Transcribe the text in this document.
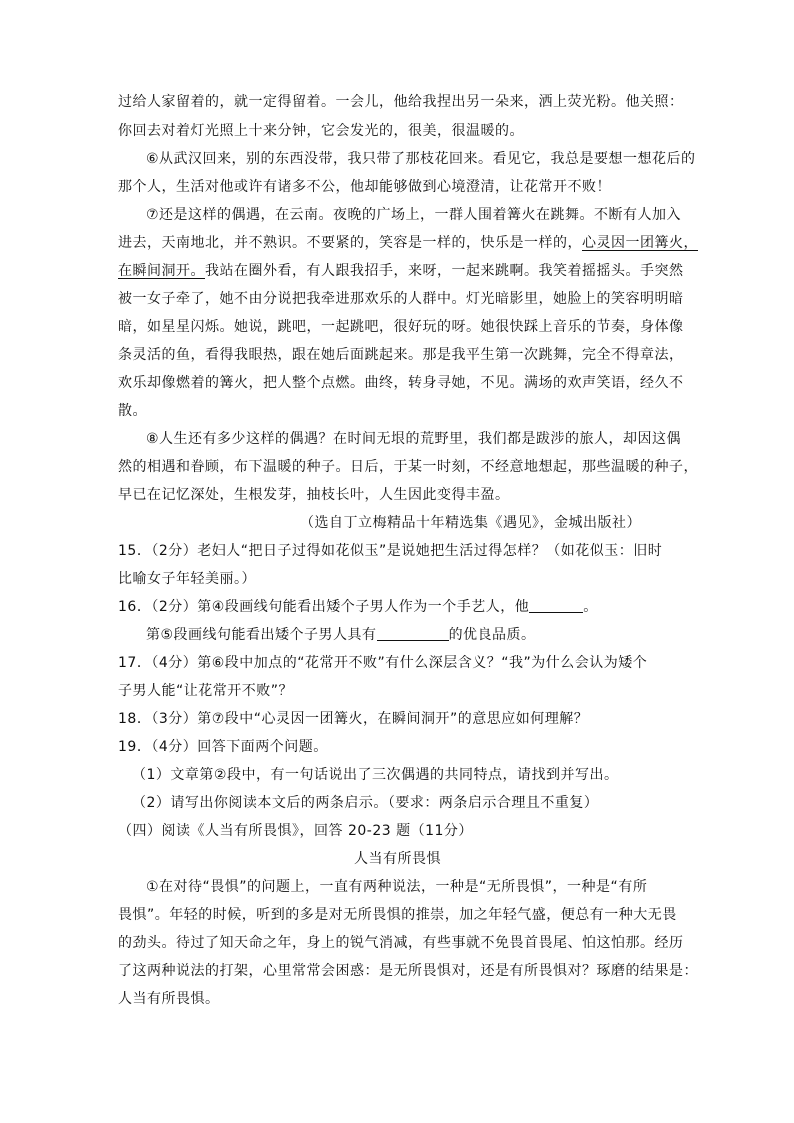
过给人家留着的，就一定得留着。一会儿，他给我捏出另一朵来，洒上荧光粉。他关照：
你回去对着灯光照上十来分钟，它会发光的，很美，很温暖的。
⑥从武汉回来，别的东西没带，我只带了那枝花回来。看见它，我总是要想一想花后的
那个人，生活对他或许有诸多不公，他却能够做到心境澄清，让花常开不败！
⑦还是这样的偶遇，在云南。夜晚的广场上，一群人围着篝火在跳舞。不断有人加入
进去，天南地北，并不熟识。不要紧的，笑容是一样的，快乐是一样的，心灵因一团篝火，
在瞬间洞开。我站在圈外看，有人跟我招手，来呀，一起来跳啊。我笑着摇摇头。手突然
被一女子牵了，她不由分说把我牵进那欢乐的人群中。灯光暗影里，她脸上的笑容明明暗
暗，如星星闪烁。她说，跳吧，一起跳吧，很好玩的呀。她很快踩上音乐的节奏，身体像
条灵活的鱼，看得我眼热，跟在她后面跳起来。那是我平生第一次跳舞，完全不得章法，
欢乐却像燃着的篝火，把人整个点燃。曲终，转身寻她，不见。满场的欢声笑语，经久不
散。
⑧人生还有多少这样的偶遇？在时间无垠的荒野里，我们都是跋涉的旅人，却因这偶
然的相遇和眷顾，布下温暖的种子。日后，于某一时刻，不经意地想起，那些温暖的种子，
早已在记忆深处，生根发芽，抽枝长叶，人生因此变得丰盈。
（选自丁立梅精品十年精选集《遇见》，金城出版社）
15．（2分）老妇人“把日子过得如花似玉”是说她把生活过得怎样？（如花似玉：旧时
比喻女子年轻美丽。）
16．（2分）第④段画线句能看出矮个子男人作为一个手艺人，他	。
第⑤段画线句能看出矮个子男人具有	的优良品质。
17．（4分）第⑥段中加点的“花常开不败”有什么深层含义？“我”为什么会认为矮个
子男人能“让花常开不败”？
18．（3分）第⑦段中“心灵因一团篝火，在瞬间洞开”的意思应如何理解？
19．（4分）回答下面两个问题。
（1）文章第②段中，有一句话说出了三次偶遇的共同特点，请找到并写出。
（2）请写出你阅读本文后的两条启示。（要求：两条启示合理且不重复）
（四）阅读《人当有所畏惧》，回答 20-23 题（11分）
人当有所畏惧
①在对待“畏惧”的问题上，一直有两种说法，一种是“无所畏惧”，一种是“有所
畏惧”。年轻的时候，听到的多是对无所畏惧的推崇，加之年轻气盛，便总有一种大无畏
的劲头。待过了知天命之年，身上的锐气消减，有些事就不免畏首畏尾、怕这怕那。经历
了这两种说法的打架，心里常常会困惑：是无所畏惧对，还是有所畏惧对？琢磨的结果是：
人当有所畏惧。
